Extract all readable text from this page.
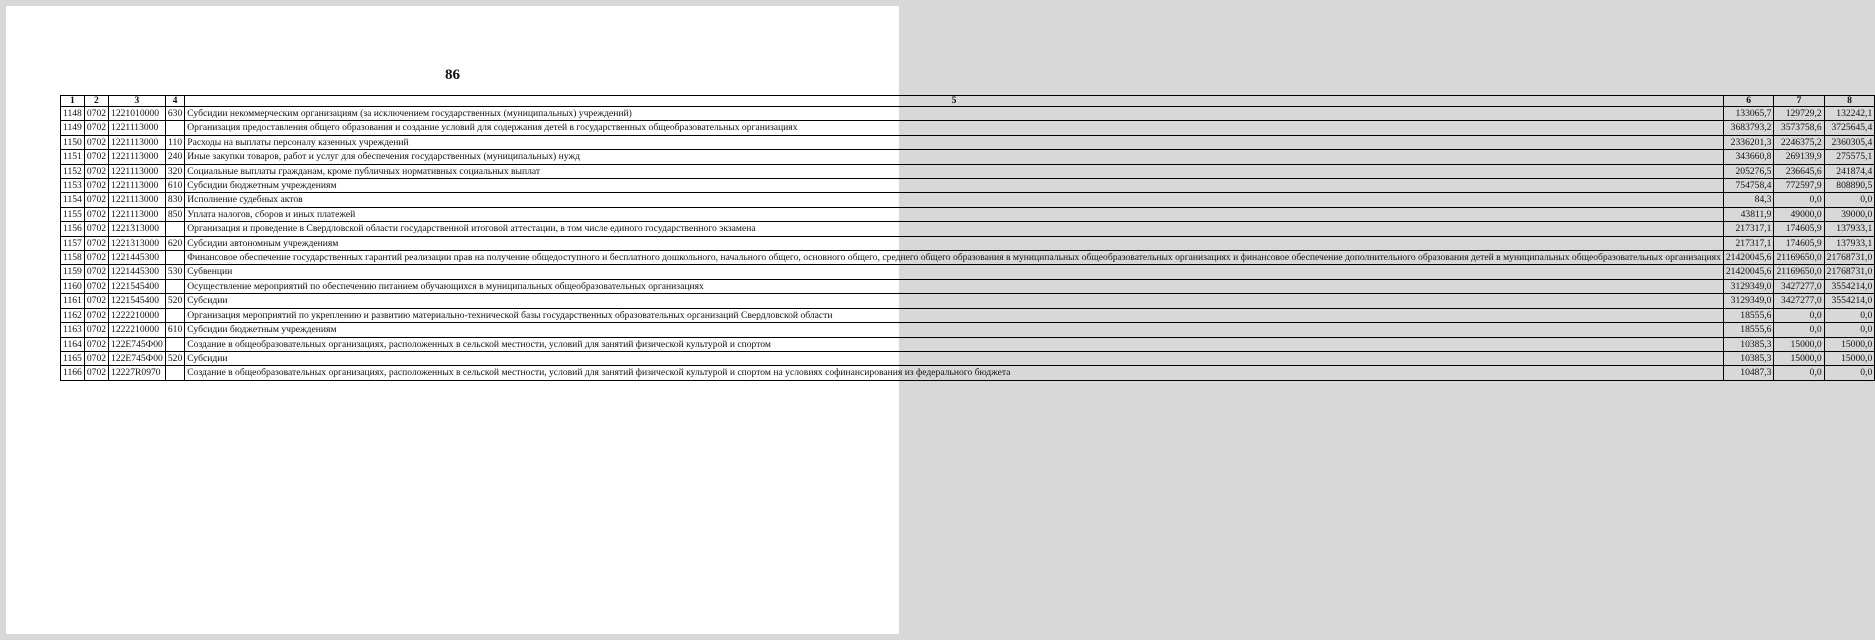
86
1	2	3	4	5	6	7	8
1148	0702	1221010000	630	Субсидии некоммерческим организациям (за исключением государственных (муниципальных) учреждений)	133065,7	129729,2	132242,1
1149	0702	1221113000		Организация предоставления общего образования и создание условий для содержания детей в государственных общеобразовательных организациях	3683793,2	3573758,6	3725645,4
1150	0702	1221113000	110	Расходы на выплаты персоналу казенных учреждений	2336201,3	2246375,2	2360305,4
1151	0702	1221113000	240	Иные закупки товаров, работ и услуг для обеспечения государственных (муниципальных) нужд	343660,8	269139,9	275575,1
1152	0702	1221113000	320	Социальные выплаты гражданам, кроме публичных нормативных социальных выплат	205276,5	236645,6	241874,4
1153	0702	1221113000	610	Субсидии бюджетным учреждениям	754758,4	772597,9	808890,5
1154	0702	1221113000	830	Исполнение судебных актов	84,3	0,0	0,0
1155	0702	1221113000	850	Уплата налогов, сборов и иных платежей	43811,9	49000,0	39000,0
1156	0702	1221313000		Организация и проведение в Свердловской области государственной итоговой аттестации, в том числе единого государственного экзамена	217317,1	174605,9	137933,1
1157	0702	1221313000	620	Субсидии автономным учреждениям	217317,1	174605,9	137933,1
1158	0702	1221445300		Финансовое обеспечение государственных гарантий реализации прав на получение общедоступного и бесплатного дошкольного, начального общего, основного общего, среднего общего образования в муниципальных общеобразовательных организациях и финансовое обеспечение дополнительного образования детей в муниципальных общеобразовательных организациях	21420045,6	21169650,0	21768731,0
1159	0702	1221445300	530	Субвенции	21420045,6	21169650,0	21768731,0
1160	0702	1221545400		Осуществление мероприятий по обеспечению питанием обучающихся в муниципальных общеобразовательных организациях	3129349,0	3427277,0	3554214,0
1161	0702	1221545400	520	Субсидии	3129349,0	3427277,0	3554214,0
1162	0702	1222210000		Организация мероприятий по укреплению и развитию материально-технической базы государственных образовательных организаций Свердловской области	18555,6	0,0	0,0
1163	0702	1222210000	610	Субсидии бюджетным учреждениям	18555,6	0,0	0,0
1164	0702	122Е745Ф00		Создание в общеобразовательных организациях, расположенных в сельской местности, условий для занятий физической культурой и спортом	10385,3	15000,0	15000,0
1165	0702	122Е745Ф00	520	Субсидии	10385,3	15000,0	15000,0
1166	0702	12227R0970		Создание в общеобразовательных организациях, расположенных в сельской местности, условий для занятий физической культурой и спортом на условиях софинансирования из федерального бюджета	10487,3	0,0	0,0
